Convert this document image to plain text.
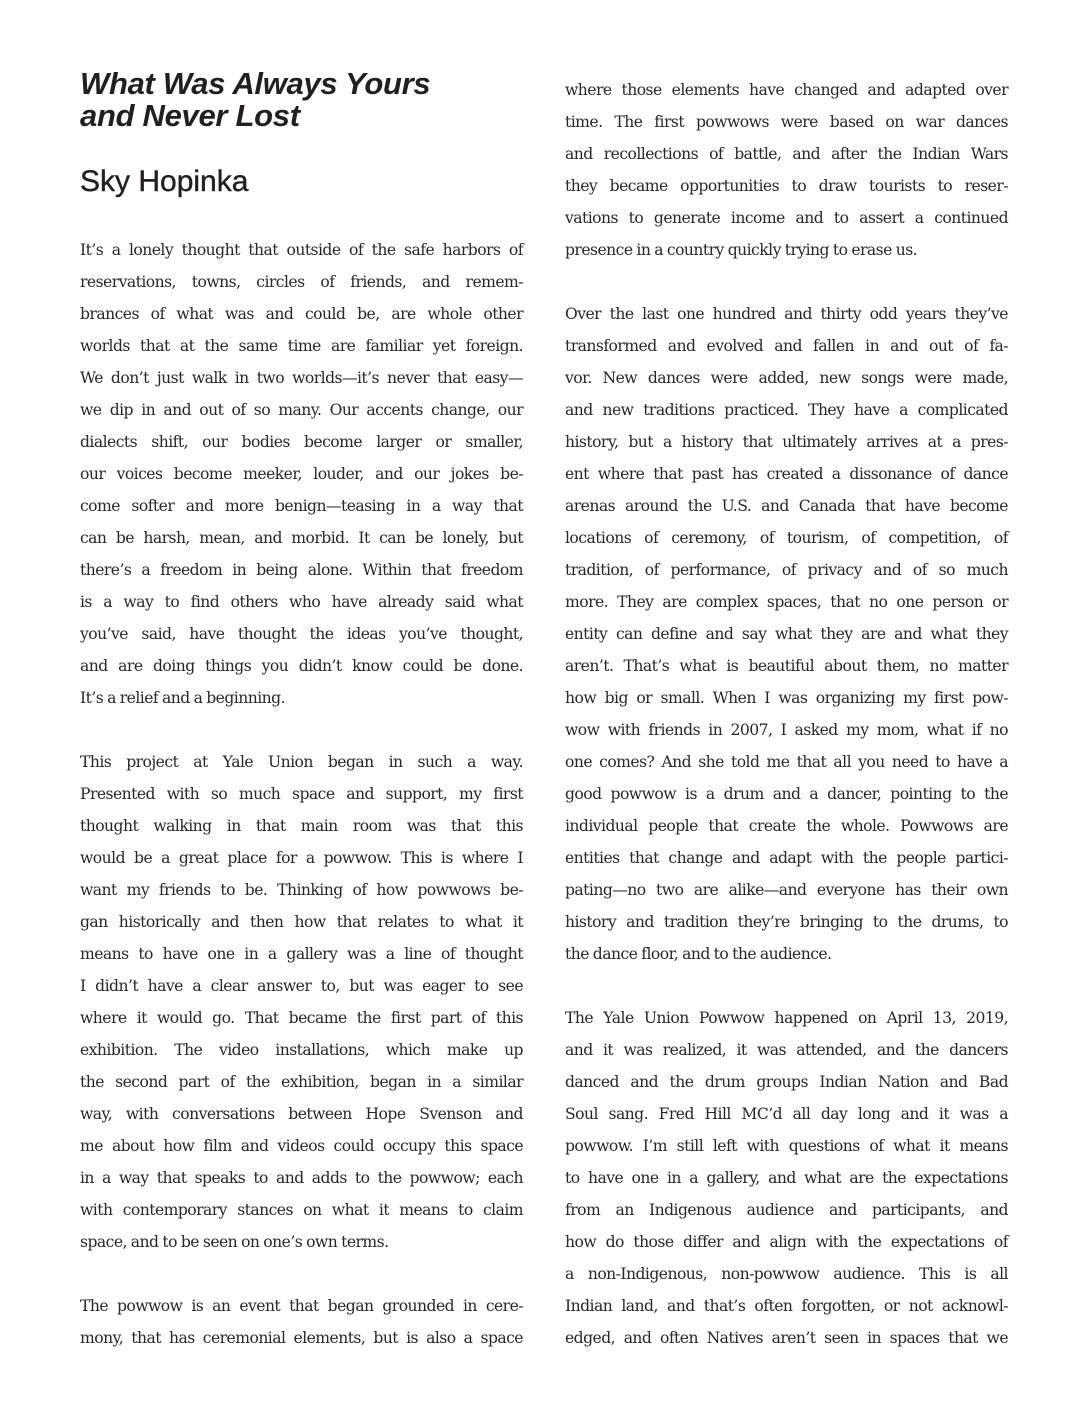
What Was Always Yours
and Never Lost
Sky Hopinka
It’s a lonely thought that outside of the safe harbors of
reservations, towns, circles of friends, and remem-
brances of what was and could be, are whole other
worlds that at the same time are familiar yet foreign.
We don’t just walk in two worlds—it’s never that easy—
we dip in and out of so many. Our accents change, our
dialects shift, our bodies become larger or smaller,
our voices become meeker, louder, and our jokes be-
come softer and more benign—teasing in a way that
can be harsh, mean, and morbid. It can be lonely, but
there’s a freedom in being alone. Within that freedom
is a way to find others who have already said what
you’ve said, have thought the ideas you’ve thought,
and are doing things you didn’t know could be done.
It’s a relief and a beginning.
This project at Yale Union began in such a way.
Presented with so much space and support, my first
thought walking in that main room was that this
would be a great place for a powwow. This is where I
want my friends to be. Thinking of how powwows be-
gan historically and then how that relates to what it
means to have one in a gallery was a line of thought
I didn’t have a clear answer to, but was eager to see
where it would go. That became the first part of this
exhibition. The video installations, which make up
the second part of the exhibition, began in a similar
way, with conversations between Hope Svenson and
me about how film and videos could occupy this space
in a way that speaks to and adds to the powwow; each
with contemporary stances on what it means to claim
space, and to be seen on one’s own terms.
The powwow is an event that began grounded in cere-
mony, that has ceremonial elements, but is also a space
where those elements have changed and adapted over
time. The first powwows were based on war dances
and recollections of battle, and after the Indian Wars
they became opportunities to draw tourists to reser-
vations to generate income and to assert a continued
presence in a country quickly trying to erase us.
Over the last one hundred and thirty odd years they’ve
transformed and evolved and fallen in and out of fa-
vor. New dances were added, new songs were made,
and new traditions practiced. They have a complicated
history, but a history that ultimately arrives at a pres-
ent where that past has created a dissonance of dance
arenas around the U.S. and Canada that have become
locations of ceremony, of tourism, of competition, of
tradition, of performance, of privacy and of so much
more. They are complex spaces, that no one person or
entity can define and say what they are and what they
aren’t. That’s what is beautiful about them, no matter
how big or small. When I was organizing my first pow-
wow with friends in 2007, I asked my mom, what if no
one comes? And she told me that all you need to have a
good powwow is a drum and a dancer, pointing to the
individual people that create the whole. Powwows are
entities that change and adapt with the people partici-
pating—no two are alike—and everyone has their own
history and tradition they’re bringing to the drums, to
the dance floor, and to the audience.
The Yale Union Powwow happened on April 13, 2019,
and it was realized, it was attended, and the dancers
danced and the drum groups Indian Nation and Bad
Soul sang. Fred Hill MC’d all day long and it was a
powwow. I’m still left with questions of what it means
to have one in a gallery, and what are the expectations
from an Indigenous audience and participants, and
how do those differ and align with the expectations of
a non-Indigenous, non-powwow audience. This is all
Indian land, and that’s often forgotten, or not acknowl-
edged, and often Natives aren’t seen in spaces that we
